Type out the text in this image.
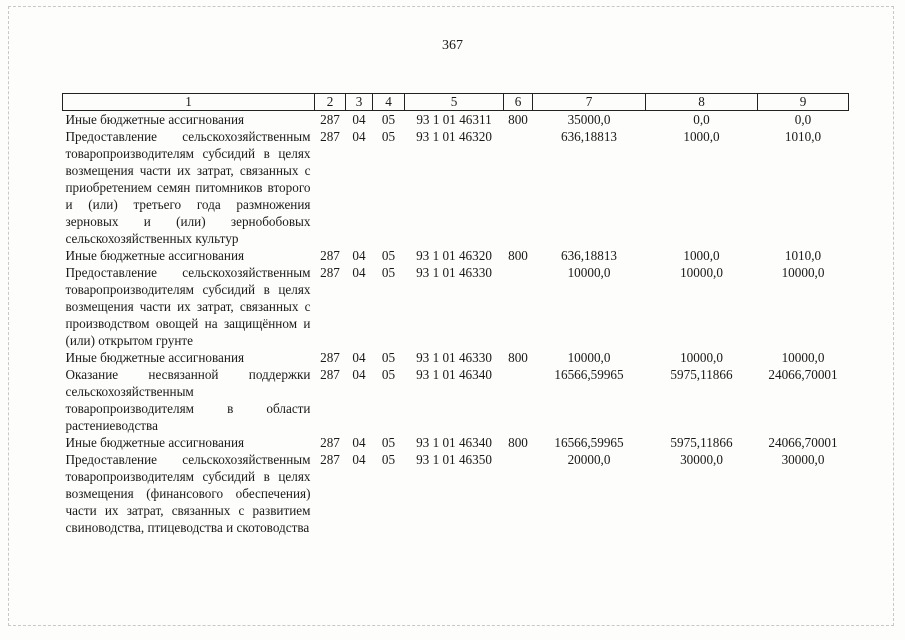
367
1	2	3	4	5	6	7	8	9
Иные бюджетные ассигнования	287	04	05	93 1 01 46311	800	35000,0	0,0	0,0
Предоставление сельскохозяйственным товаропроизводителям субсидий в целях возмещения части их затрат, связанных с приобретением семян питомников второго и (или) третьего года размножения зерновых и (или) зернобобовых сельскохозяйственных культур	287	04	05	93 1 01 46320		636,18813	1000,0	1010,0
Иные бюджетные ассигнования	287	04	05	93 1 01 46320	800	636,18813	1000,0	1010,0
Предоставление сельскохозяйственным товаропроизводителям субсидий в целях возмещения части их затрат, связанных с производством овощей на защищённом и (или) открытом грунте	287	04	05	93 1 01 46330		10000,0	10000,0	10000,0
Иные бюджетные ассигнования	287	04	05	93 1 01 46330	800	10000,0	10000,0	10000,0
Оказание несвязанной поддержки сельскохозяйственным товаропроизводителям в области растениеводства	287	04	05	93 1 01 46340		16566,59965	5975,11866	24066,70001
Иные бюджетные ассигнования	287	04	05	93 1 01 46340	800	16566,59965	5975,11866	24066,70001
Предоставление сельскохозяйственным товаропроизводителям субсидий в целях возмещения (финансового обеспечения) части их затрат, связанных с развитием свиноводства, птицеводства и скотоводства	287	04	05	93 1 01 46350		20000,0	30000,0	30000,0
